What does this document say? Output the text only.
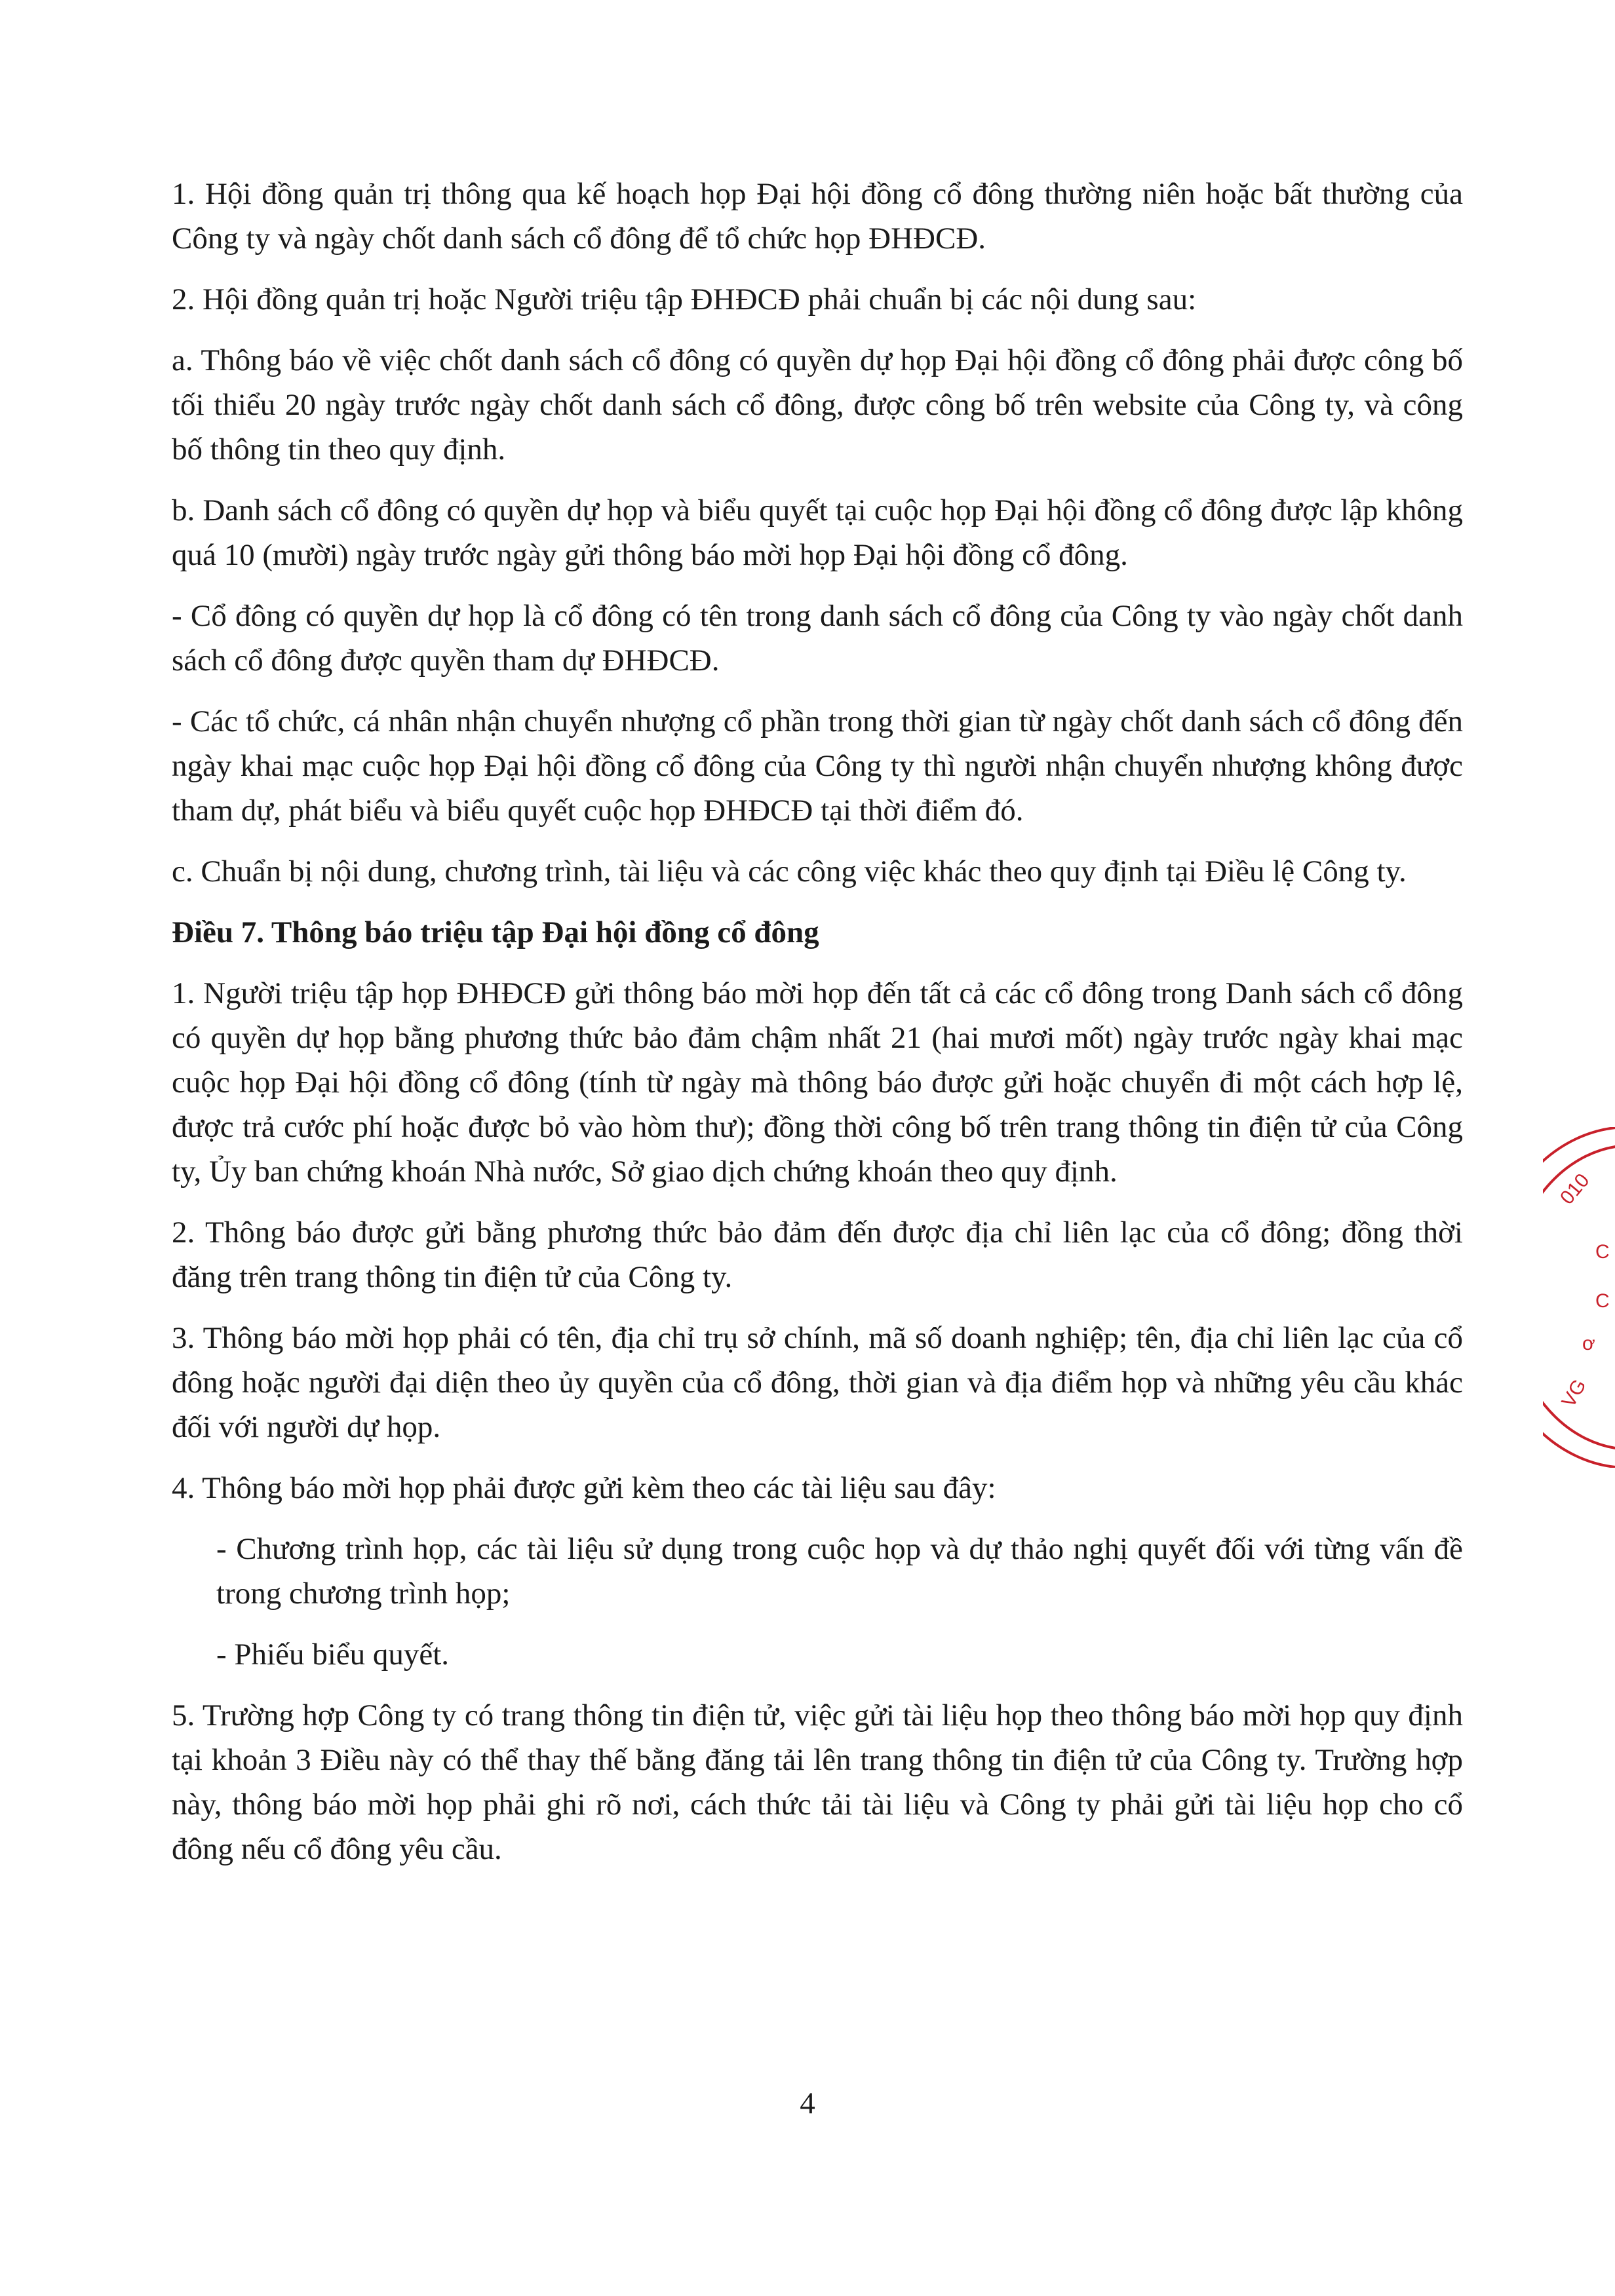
1. Hội đồng quản trị thông qua kế hoạch họp Đại hội đồng cổ đông thường niên hoặc bất thường của Công ty và ngày chốt danh sách cổ đông để tổ chức họp ĐHĐCĐ.

2. Hội đồng quản trị hoặc Người triệu tập ĐHĐCĐ phải chuẩn bị các nội dung sau:

a. Thông báo về việc chốt danh sách cổ đông có quyền dự họp Đại hội đồng cổ đông phải được công bố tối thiểu 20 ngày trước ngày chốt danh sách cổ đông, được công bố trên website của Công ty, và công bố thông tin theo quy định.

b. Danh sách cổ đông có quyền dự họp và biểu quyết tại cuộc họp Đại hội đồng cổ đông được lập không quá 10 (mười) ngày trước ngày gửi thông báo mời họp Đại hội đồng cổ đông.

- Cổ đông có quyền dự họp là cổ đông có tên trong danh sách cổ đông của Công ty vào ngày chốt danh sách cổ đông được quyền tham dự ĐHĐCĐ.

- Các tổ chức, cá nhân nhận chuyển nhượng cổ phần trong thời gian từ ngày chốt danh sách cổ đông đến ngày khai mạc cuộc họp Đại hội đồng cổ đông của Công ty thì người nhận chuyển nhượng không được tham dự, phát biểu và biểu quyết cuộc họp ĐHĐCĐ tại thời điểm đó.

c. Chuẩn bị nội dung, chương trình, tài liệu và các công việc khác theo quy định tại Điều lệ Công ty.

Điều 7. Thông báo triệu tập Đại hội đồng cổ đông

1. Người triệu tập họp ĐHĐCĐ gửi thông báo mời họp đến tất cả các cổ đông trong Danh sách cổ đông có quyền dự họp bằng phương thức bảo đảm chậm nhất 21 (hai mươi mốt) ngày trước ngày khai mạc cuộc họp Đại hội đồng cổ đông (tính từ ngày mà thông báo được gửi hoặc chuyển đi một cách hợp lệ, được trả cước phí hoặc được bỏ vào hòm thư); đồng thời công bố trên trang thông tin điện tử của Công ty, Ủy ban chứng khoán Nhà nước, Sở giao dịch chứng khoán theo quy định.

2. Thông báo được gửi bằng phương thức bảo đảm đến được địa chỉ liên lạc của cổ đông; đồng thời đăng trên trang thông tin điện tử của Công ty.

3. Thông báo mời họp phải có tên, địa chỉ trụ sở chính, mã số doanh nghiệp; tên, địa chỉ liên lạc của cổ đông hoặc người đại diện theo ủy quyền của cổ đông, thời gian và địa điểm họp và những yêu cầu khác đối với người dự họp.

4. Thông báo mời họp phải được gửi kèm theo các tài liệu sau đây:

- Chương trình họp, các tài liệu sử dụng trong cuộc họp và dự thảo nghị quyết đối với từng vấn đề trong chương trình họp;

- Phiếu biểu quyết.

5. Trường hợp Công ty có trang thông tin điện tử, việc gửi tài liệu họp theo thông báo mời họp quy định tại khoản 3 Điều này có thể thay thế bằng đăng tải lên trang thông tin điện tử của Công ty. Trường hợp này, thông báo mời họp phải ghi rõ nơi, cách thức tải tài liệu và Công ty phải gửi tài liệu họp cho cổ đông nếu cổ đông yêu cầu.

4
010
C
C
ơ
VG
